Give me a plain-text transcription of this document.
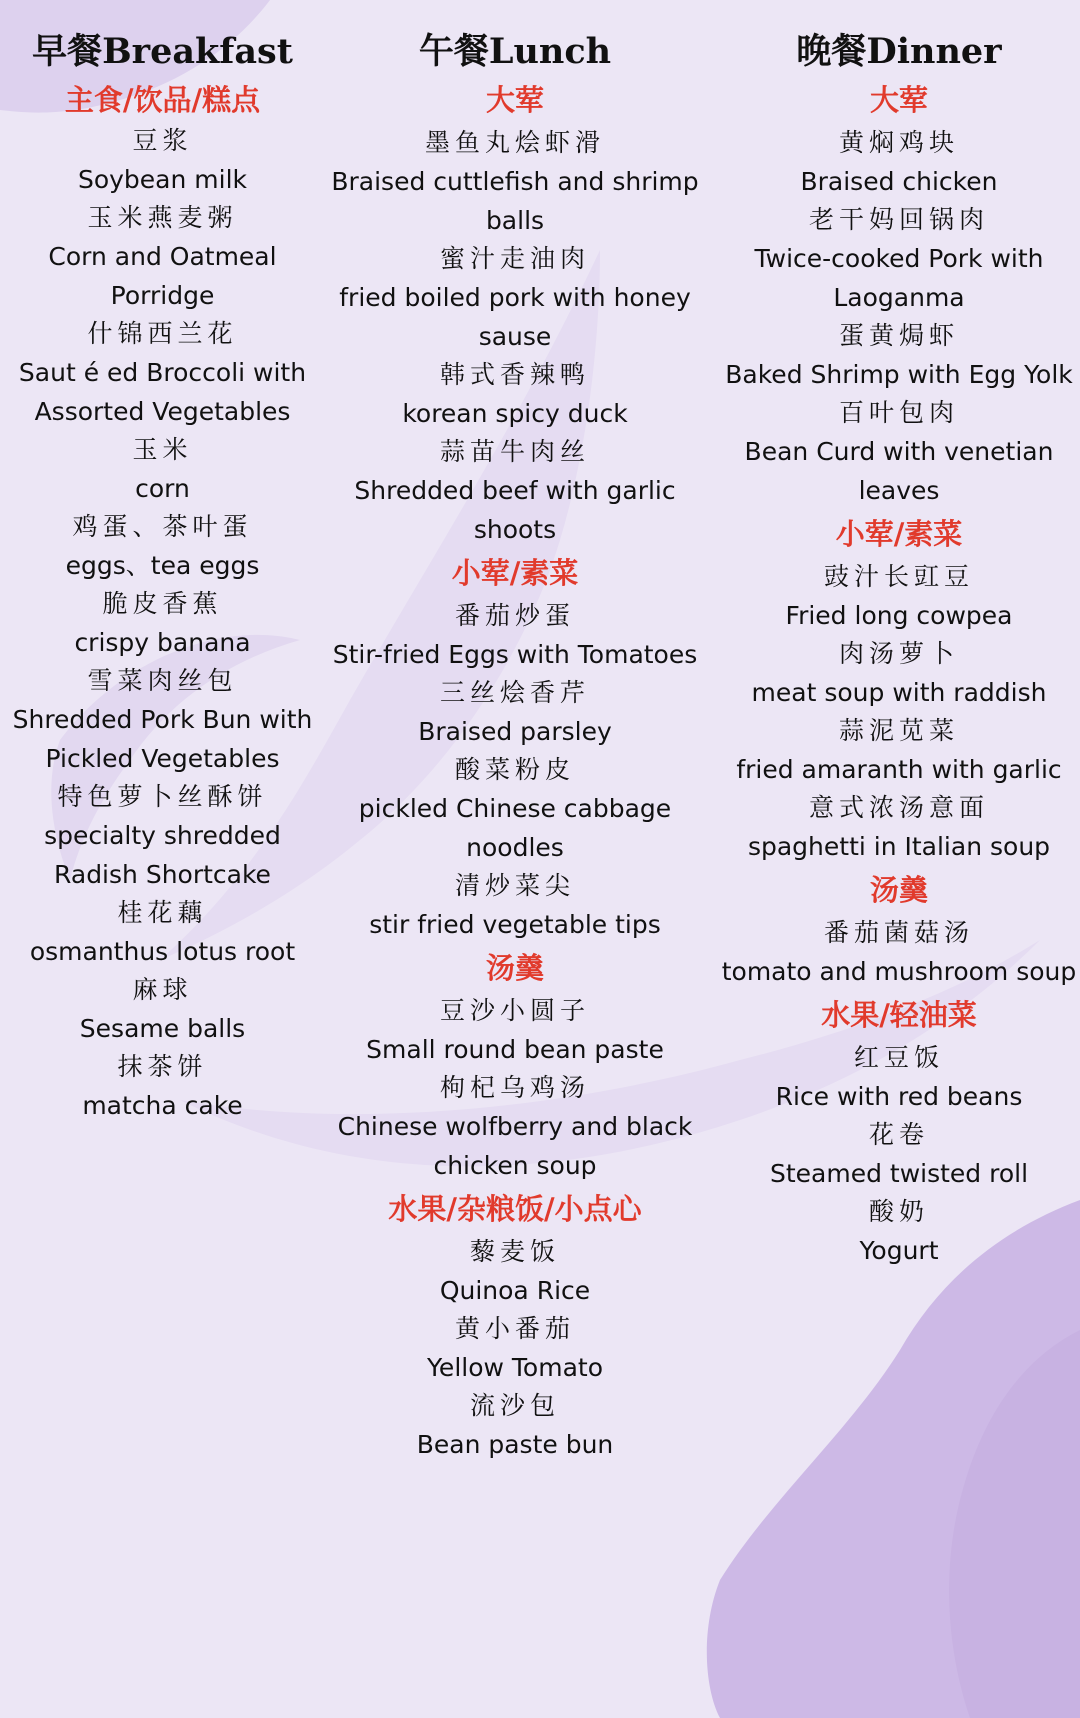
早餐Breakfast
主食/饮品/糕点
豆浆
Soybean milk
玉米燕麦粥
Corn and Oatmeal Porridge
什锦西兰花
Saut é ed Broccoli with Assorted Vegetables
玉米
corn
鸡蛋、茶叶蛋
eggs、tea eggs
脆皮香蕉
crispy banana
雪菜肉丝包
Shredded Pork Bun with Pickled Vegetables
特色萝卜丝酥饼
specialty shredded Radish Shortcake
桂花藕
osmanthus lotus root
麻球
Sesame balls
抹茶饼
matcha cake
午餐Lunch
大荤
墨鱼丸烩虾滑
Braised cuttlefish and shrimp balls
蜜汁走油肉
fried boiled pork with honey sause
韩式香辣鸭
korean spicy duck
蒜苗牛肉丝
Shredded beef with garlic shoots
小荤/素菜
番茄炒蛋
Stir-fried Eggs with Tomatoes
三丝烩香芹
Braised parsley
酸菜粉皮
pickled Chinese cabbage noodles
清炒菜尖
stir fried vegetable tips
汤羹
豆沙小圆子
Small round bean paste
枸杞乌鸡汤
Chinese wolfberry and black chicken soup
水果/杂粮饭/小点心
藜麦饭
Quinoa Rice
黄小番茄
Yellow Tomato
流沙包
Bean paste bun
晚餐Dinner
大荤
黄焖鸡块
Braised chicken
老干妈回锅肉
Twice-cooked Pork with Laoganma
蛋黄焗虾
Baked Shrimp with Egg Yolk
百叶包肉
Bean Curd with venetian leaves
小荤/素菜
豉汁长豇豆
Fried long cowpea
肉汤萝卜
meat soup with raddish
蒜泥苋菜
fried amaranth with garlic
意式浓汤意面
spaghetti in Italian soup
汤羹
番茄菌菇汤
tomato and mushroom soup
水果/轻油菜
红豆饭
Rice with red beans
花卷
Steamed twisted roll
酸奶
Yogurt
